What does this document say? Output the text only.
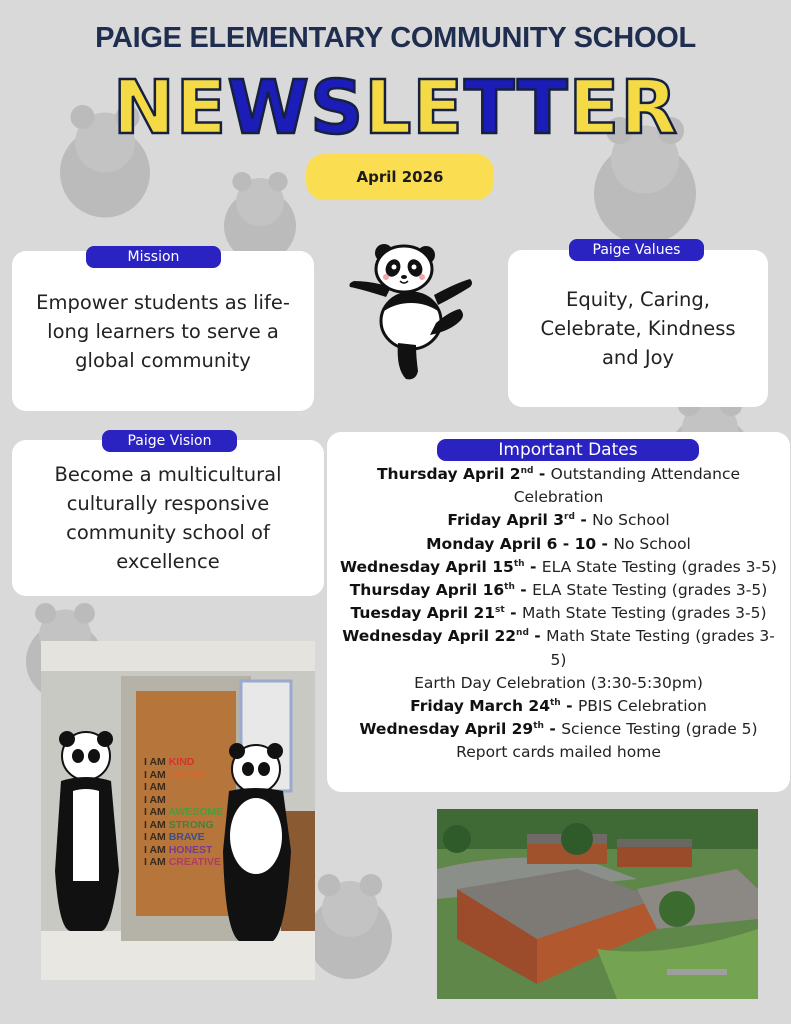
PAIGE ELEMENTARY COMMUNITY SCHOOL
NEWSLETTER
April 2026
Empower students as life-long learners to serve a global community
Mission
Equity, Caring, Celebrate, Kindness and Joy
Paige Values
Become a multicultural culturally responsive community school of excellence
Paige Vision
Thursday April 2nd - Outstanding Attendance Celebration
Friday April 3rd - No School
Monday April 6 - 10 - No School
Wednesday April 15th - ELA State Testing (grades 3-5)
Thursday April 16th - ELA State Testing (grades 3-5)
Tuesday April 21st - Math State Testing (grades 3-5)
Wednesday April 22nd - Math State Testing (grades 3-5)
Earth Day Celebration (3:30-5:30pm)
Friday March 24th - PBIS Celebration
Wednesday April 29th - Science Testing (grade 5)
Report cards mailed home
Important Dates
I AM KIND
I AM LOVED
I AM
I AM
I AM AWESOME
I AM STRONG
I AM BRAVE
I AM HONEST
I AM CREATIVE
